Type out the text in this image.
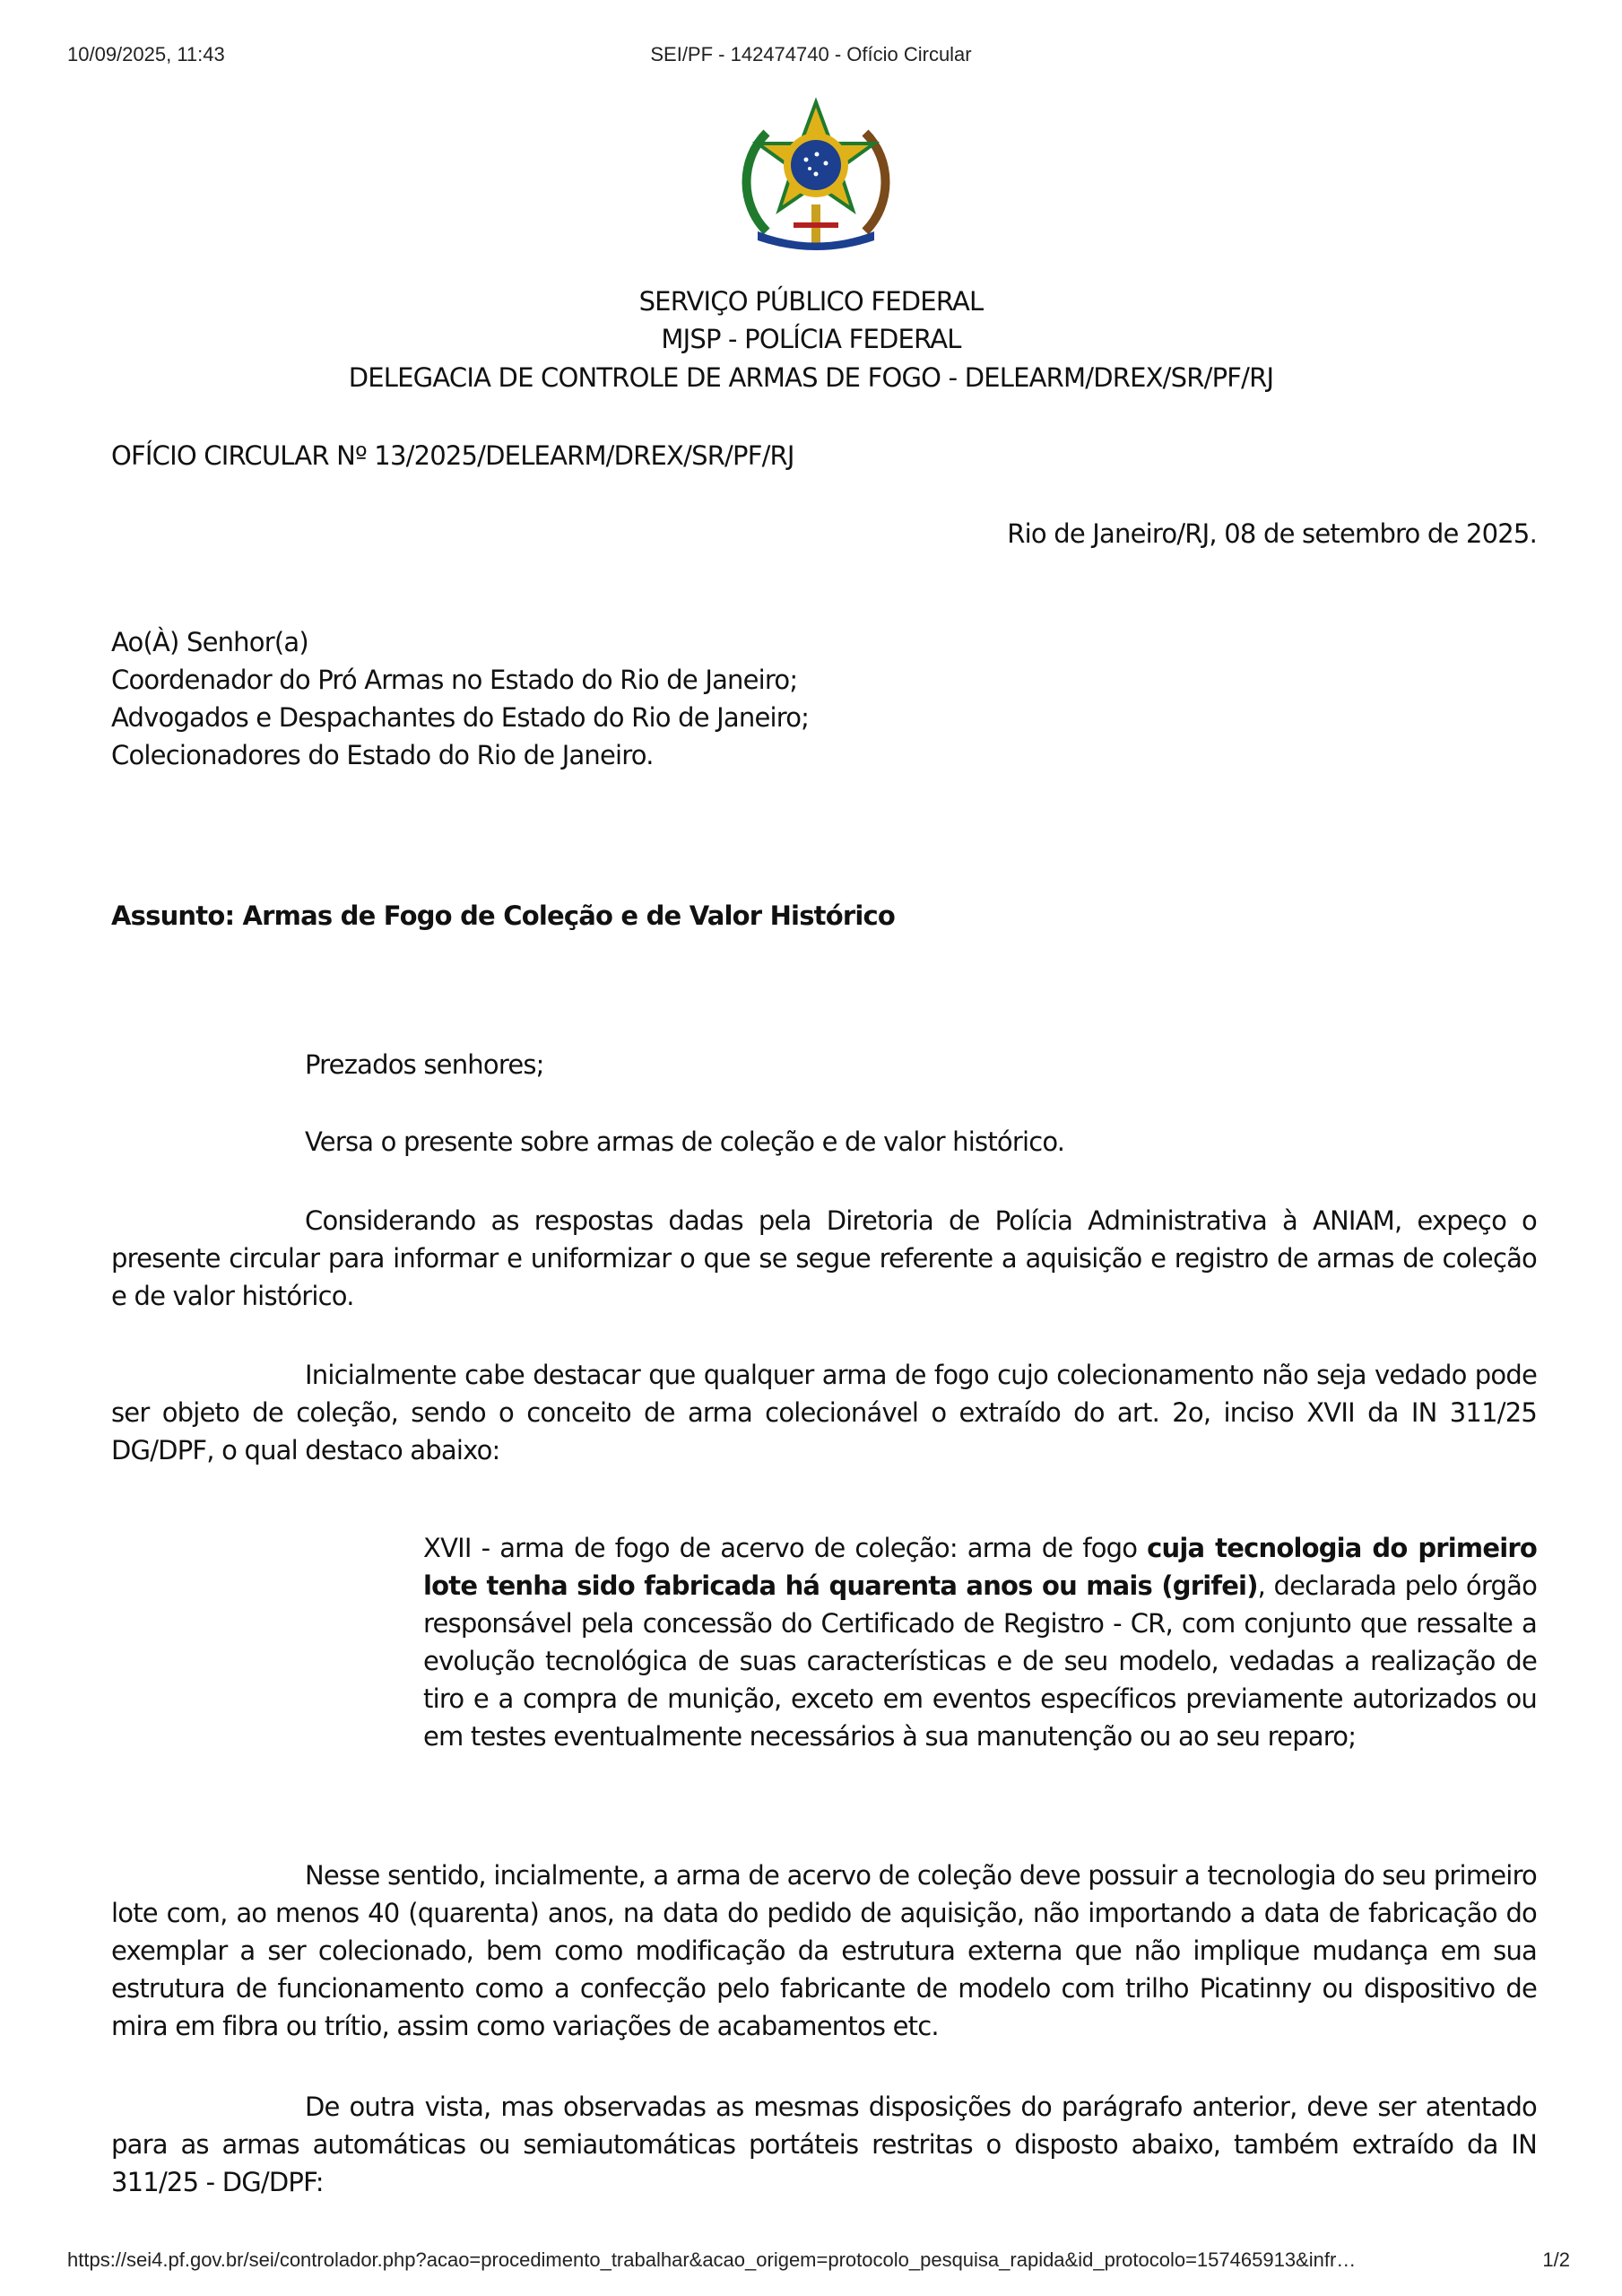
10/09/2025, 11:43	SEI/PF - 142474740 - Ofício Circular
SERVIÇO PÚBLICO FEDERAL
MJSP - POLÍCIA FEDERAL
DELEGACIA DE CONTROLE DE ARMAS DE FOGO - DELEARM/DREX/SR/PF/RJ
OFÍCIO CIRCULAR Nº 13/2025/DELEARM/DREX/SR/PF/RJ
Rio de Janeiro/RJ, 08 de setembro de 2025.
Ao(À) Senhor(a)
Coordenador do Pró Armas no Estado do Rio de Janeiro;
Advogados e Despachantes do Estado do Rio de Janeiro;
Colecionadores do Estado do Rio de Janeiro.
Assunto: Armas de Fogo de Coleção e de Valor Histórico
Prezados senhores;
Versa o presente sobre armas de coleção e de valor histórico.
Considerando as respostas dadas pela Diretoria de Polícia Administrativa à ANIAM, expeço o presente circular para informar e uniformizar o que se segue referente a aquisição e registro de armas de coleção e de valor histórico.
Inicialmente cabe destacar que qualquer arma de fogo cujo colecionamento não seja vedado pode ser objeto de coleção, sendo o conceito de arma colecionável o extraído do art. 2o, inciso XVII da IN 311/25 DG/DPF, o qual destaco abaixo:
XVII - arma de fogo de acervo de coleção: arma de fogo cuja tecnologia do primeiro lote tenha sido fabricada há quarenta anos ou mais (grifei), declarada pelo órgão responsável pela concessão do Certificado de Registro - CR, com conjunto que ressalte a evolução tecnológica de suas características e de seu modelo, vedadas a realização de tiro e a compra de munição, exceto em eventos específicos previamente autorizados ou em testes eventualmente necessários à sua manutenção ou ao seu reparo;
Nesse sentido, incialmente, a arma de acervo de coleção deve possuir a tecnologia do seu primeiro lote com, ao menos 40 (quarenta) anos, na data do pedido de aquisição, não importando a data de fabricação do exemplar a ser colecionado, bem como modificação da estrutura externa que não implique mudança em sua estrutura de funcionamento como a confecção pelo fabricante de modelo com trilho Picatinny ou dispositivo de mira em fibra ou trítio, assim como variações de acabamentos etc.
De outra vista, mas observadas as mesmas disposições do parágrafo anterior, deve ser atentado para as armas automáticas ou semiautomáticas portáteis restritas o disposto abaixo, também extraído da IN 311/25 - DG/DPF:
https://sei4.pf.gov.br/sei/controlador.php?acao=procedimento_trabalhar&acao_origem=protocolo_pesquisa_rapida&id_protocolo=157465913&infr…	1/2
